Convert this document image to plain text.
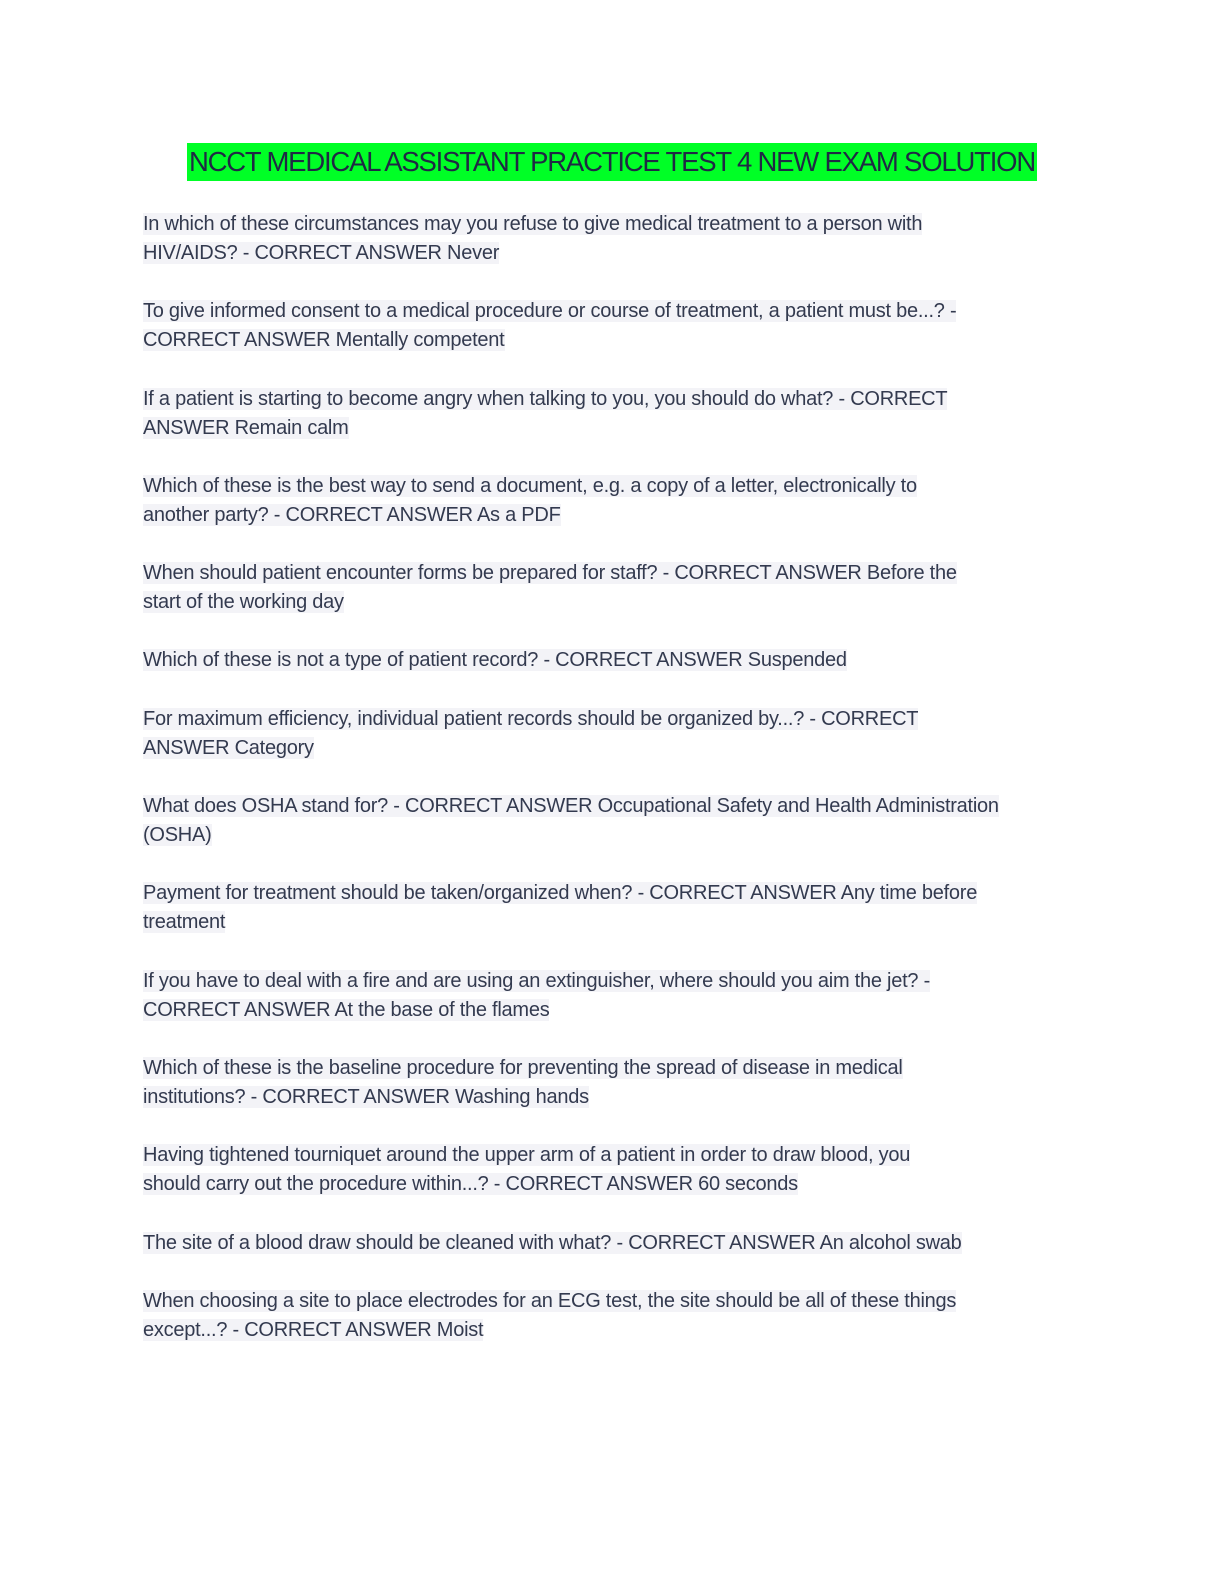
NCCT MEDICAL ASSISTANT PRACTICE TEST 4 NEW EXAM SOLUTION
In which of these circumstances may you refuse to give medical treatment to a person with
HIV/AIDS? - CORRECT ANSWER Never
To give informed consent to a medical procedure or course of treatment, a patient must be...? -
CORRECT ANSWER Mentally competent
If a patient is starting to become angry when talking to you, you should do what? - CORRECT
ANSWER Remain calm
Which of these is the best way to send a document, e.g. a copy of a letter, electronically to
another party? - CORRECT ANSWER As a PDF
When should patient encounter forms be prepared for staff? - CORRECT ANSWER Before the
start of the working day
Which of these is not a type of patient record? - CORRECT ANSWER Suspended
For maximum efficiency, individual patient records should be organized by...? - CORRECT
ANSWER Category
What does OSHA stand for? - CORRECT ANSWER Occupational Safety and Health Administration
(OSHA)
Payment for treatment should be taken/organized when? - CORRECT ANSWER Any time before
treatment
If you have to deal with a fire and are using an extinguisher, where should you aim the jet? -
CORRECT ANSWER At the base of the flames
Which of these is the baseline procedure for preventing the spread of disease in medical
institutions? - CORRECT ANSWER Washing hands
Having tightened tourniquet around the upper arm of a patient in order to draw blood, you
should carry out the procedure within...? - CORRECT ANSWER 60 seconds
The site of a blood draw should be cleaned with what? - CORRECT ANSWER An alcohol swab
When choosing a site to place electrodes for an ECG test, the site should be all of these things
except...? - CORRECT ANSWER Moist
